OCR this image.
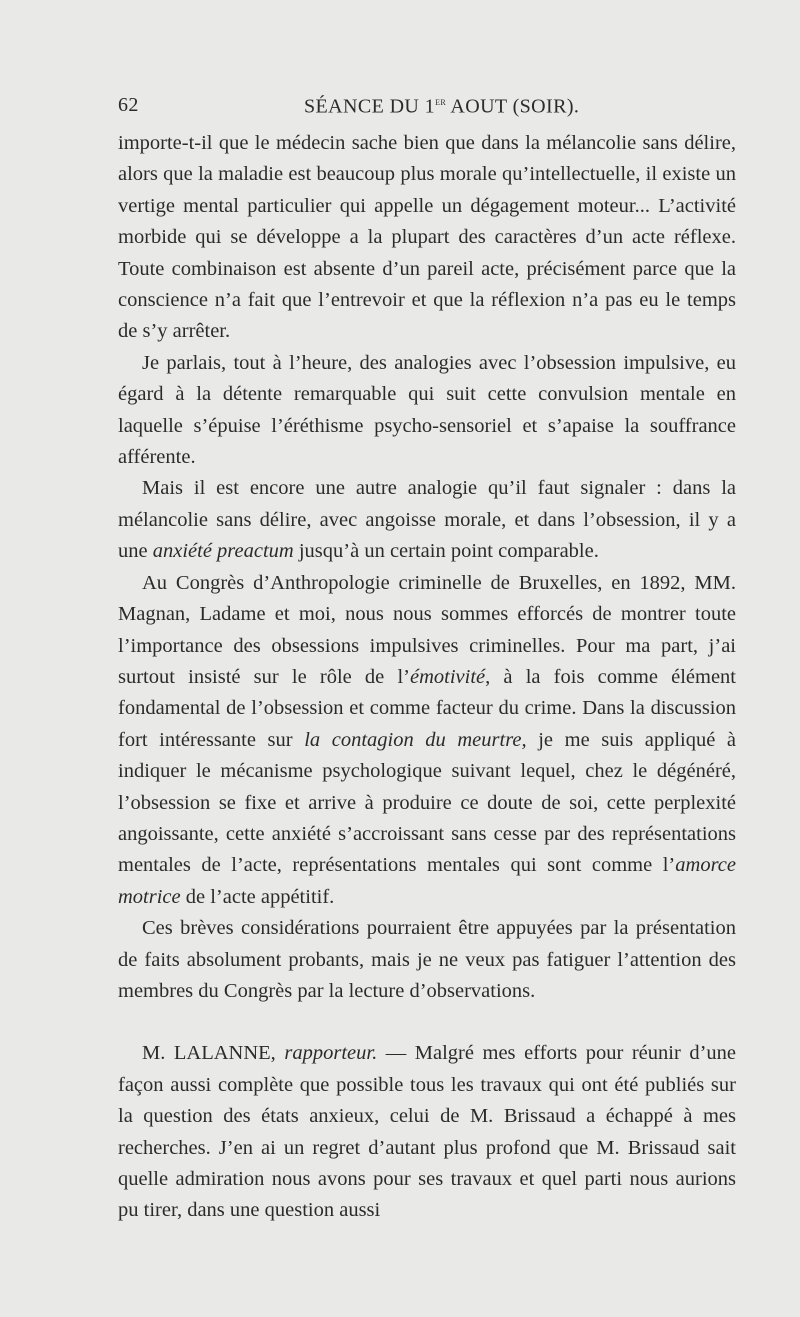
62	SÉANCE DU 1er AOUT (SOIR).

importe-t-il que le médecin sache bien que dans la mélancolie sans délire, alors que la maladie est beaucoup plus morale qu’intellectuelle, il existe un vertige mental particulier qui appelle un dégagement moteur... L’activité morbide qui se développe a la plupart des caractères d’un acte réflexe. Toute combinaison est absente d’un pareil acte, précisément parce que la conscience n’a fait que l’entrevoir et que la réflexion n’a pas eu le temps de s’y arrêter.

Je parlais, tout à l’heure, des analogies avec l’obsession impulsive, eu égard à la détente remarquable qui suit cette convulsion mentale en laquelle s’épuise l’éréthisme psycho-sensoriel et s’apaise la souffrance afférente.

Mais il est encore une autre analogie qu’il faut signaler : dans la mélancolie sans délire, avec angoisse morale, et dans l’obsession, il y a une anxiété preactum jusqu’à un certain point comparable.

Au Congrès d’Anthropologie criminelle de Bruxelles, en 1892, MM. Magnan, Ladame et moi, nous nous sommes efforcés de montrer toute l’importance des obsessions impulsives criminelles. Pour ma part, j’ai surtout insisté sur le rôle de l’émotivité, à la fois comme élément fondamental de l’obsession et comme facteur du crime. Dans la discussion fort intéressante sur la contagion du meurtre, je me suis appliqué à indiquer le mécanisme psychologique suivant lequel, chez le dégénéré, l’obsession se fixe et arrive à produire ce doute de soi, cette perplexité angoissante, cette anxiété s’accroissant sans cesse par des représentations mentales de l’acte, représentations mentales qui sont comme l’amorce motrice de l’acte appétitif.

Ces brèves considérations pourraient être appuyées par la présentation de faits absolument probants, mais je ne veux pas fatiguer l’attention des membres du Congrès par la lecture d’observations.

M. LALANNE, rapporteur. — Malgré mes efforts pour réunir d’une façon aussi complète que possible tous les travaux qui ont été publiés sur la question des états anxieux, celui de M. Brissaud a échappé à mes recherches. J’en ai un regret d’autant plus profond que M. Brissaud sait quelle admiration nous avons pour ses travaux et quel parti nous aurions pu tirer, dans une question aussi
